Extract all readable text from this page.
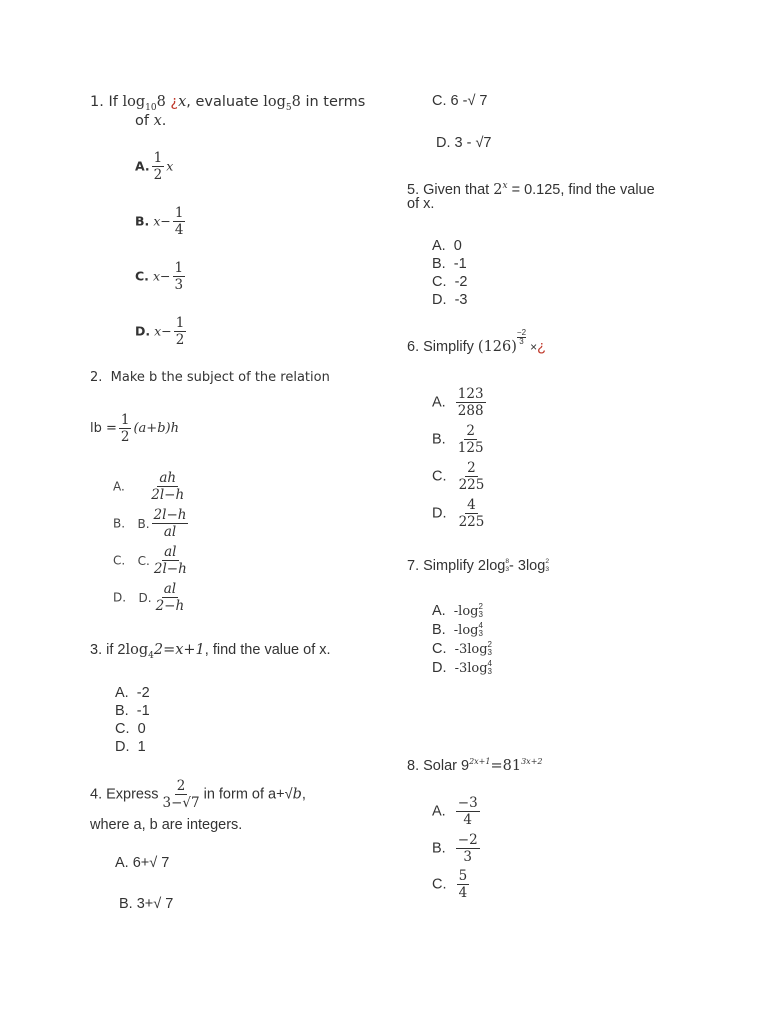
1. If $\log_{10}8$ ¿x, evaluate $\log_58$ in terms
of x.
A. $\frac{1}{2}$ x
B. $x- \frac{1}{4}$
C. $x- \frac{1}{3}$
D. $x- \frac{1}{2}$
2. Make b the subject of the relation
lb = $\frac{1}{2} (a+b)h$
A. $\frac{ah}{2l-h}$
B. B. $\frac{2l-h}{al}$
C. C. $\frac{al}{2l-h}$
D. D. $\frac{al}{2-h}$
3. if $2\log_42=x+1$, find the value of x.
A. -2
B. -1
C. 0
D. 1
4. Express $\frac{2}{3-√7}$ in form of a+√b,
where a, b are integers.
A. 6+√ 7
B. 3+√ 7
C. 6 -√ 7
D. 3 - √7
5. Given that $2^x = 0.125$, find the value
of x.
A. 0
B. -1
C. -2
D. -3
6. Simplify (126)
$\frac{-2}{3}$
×¿
A. $\frac{123}{288}$
B. $\frac{2}{125}$
C. $\frac{2}{225}$
D. $\frac{4}{225}$
7. Simplify 2log 8
3 - 3log 2
3
A. -log 2
3
B. -log 4
3
C. -3log 2
3
D. -3log 4
3
8. Solar $9^{2x+1}=81^{3x+2}$
A. $\frac{-3}{4}$
B. $\frac{-2}{3}$
C. $\frac{5}{4}$
